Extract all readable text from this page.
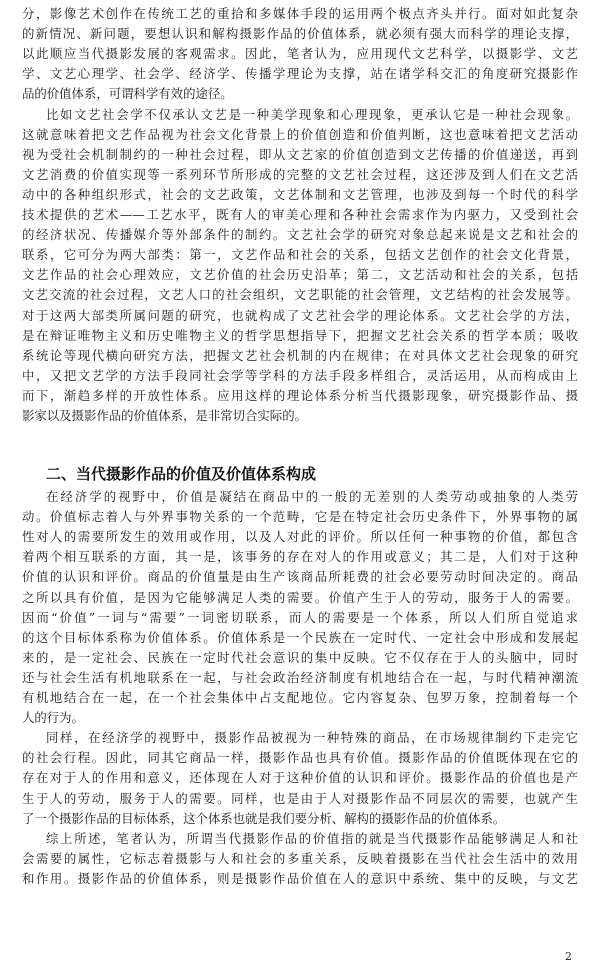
分，影像艺术创作在传统工艺的重拾和多媒体手段的运用两个极点齐头并行。面对如此复杂
的新情况、新问题，要想认识和解构摄影作品的价值体系，就必须有强大而科学的理论支撑，
以此顺应当代摄影发展的客观需求。因此，笔者认为，应用现代文艺科学，以摄影学、文艺
学、文艺心理学、社会学、经济学、传播学理论为支撑，站在诸学科交汇的角度研究摄影作
品的价值体系，可谓科学有效的途径。
比如文艺社会学不仅承认文艺是一种美学现象和心理现象，更承认它是一种社会现象。
这就意味着把文艺作品视为社会文化背景上的价值创造和价值判断，这也意味着把文艺活动
视为受社会机制制约的一种社会过程，即从文艺家的价值创造到文艺传播的价值递送，再到
文艺消费的价值实现等一系列环节所形成的完整的文艺社会过程，这还涉及到人们在文艺活
动中的各种组织形式，社会的文艺政策，文艺体制和文艺管理，也涉及到每一个时代的科学
技术提供的艺术——工艺水平，既有人的审美心理和各种社会需求作为内驱力，又受到社会
的经济状况、传播媒介等外部条件的制约。文艺社会学的研究对象总起来说是文艺和社会的
联系，它可分为两大部类：第一，文艺作品和社会的关系，包括文艺创作的社会文化背景，
文艺作品的社会心理效应，文艺价值的社会历史沿革；第二，文艺活动和社会的关系，包括
文艺交流的社会过程，文艺人口的社会组织，文艺职能的社会管理，文艺结构的社会发展等。
对于这两大部类所属问题的研究，也就构成了文艺社会学的理论体系。文艺社会学的方法，
是在辩证唯物主义和历史唯物主义的哲学思想指导下，把握文艺社会关系的哲学本质；吸收
系统论等现代横向研究方法，把握文艺社会机制的内在规律；在对具体文艺社会现象的研究
中，又把文艺学的方法手段同社会学等学科的方法手段多样组合，灵活运用，从而构成由上
而下，渐趋多样的开放性体系。应用这样的理论体系分析当代摄影现象，研究摄影作品、摄
影家以及摄影作品的价值体系，是非常切合实际的。
在经济学的视野中，价值是凝结在商品中的一般的无差别的人类劳动或抽象的人类劳
动。价值标志着人与外界事物关系的一个范畴，它是在特定社会历史条件下，外界事物的属
性对人的需要所发生的效用或作用，以及人对此的评价。所以任何一种事物的价值，都包含
着两个相互联系的方面，其一是，该事务的存在对人的作用或意义；其二是，人们对于这种
价值的认识和评价。商品的价值量是由生产该商品所耗费的社会必要劳动时间决定的。商品
之所以具有价值，是因为它能够满足人类的需要。价值产生于人的劳动，服务于人的需要。
因而“价值”一词与“需要”一词密切联系，而人的需要是一个体系，所以人们所自觉追求
的这个目标体系称为价值体系。价值体系是一个民族在一定时代、一定社会中形成和发展起
来的，是一定社会、民族在一定时代社会意识的集中反映。它不仅存在于人的头脑中，同时
还与社会生活有机地联系在一起，与社会政治经济制度有机地结合在一起，与时代精神潮流
有机地结合在一起，在一个社会集体中占支配地位。它内容复杂、包罗万象，控制着每一个
人的行为。
同样，在经济学的视野中，摄影作品被视为一种特殊的商品，在市场规律制约下走完它
的社会行程。因此，同其它商品一样，摄影作品也具有价值。摄影作品的价值既体现在它的
存在对于人的作用和意义，还体现在人对于这种价值的认识和评价。摄影作品的价值也是产
生于人的劳动，服务于人的需要。同样，也是由于人对摄影作品不同层次的需要，也就产生
了一个摄影作品的目标体系，这个体系也就是我们要分析、解构的摄影作品的价值体系。
综上所述，笔者认为，所谓当代摄影作品的价值指的就是当代摄影作品能够满足人和社
会需要的属性，它标志着摄影与人和社会的多重关系，反映着摄影在当代社会生活中的效用
和作用。摄影作品的价值体系，则是摄影作品价值在人的意识中系统、集中的反映，与文艺
二、当代摄影作品的价值及价值体系构成
2
